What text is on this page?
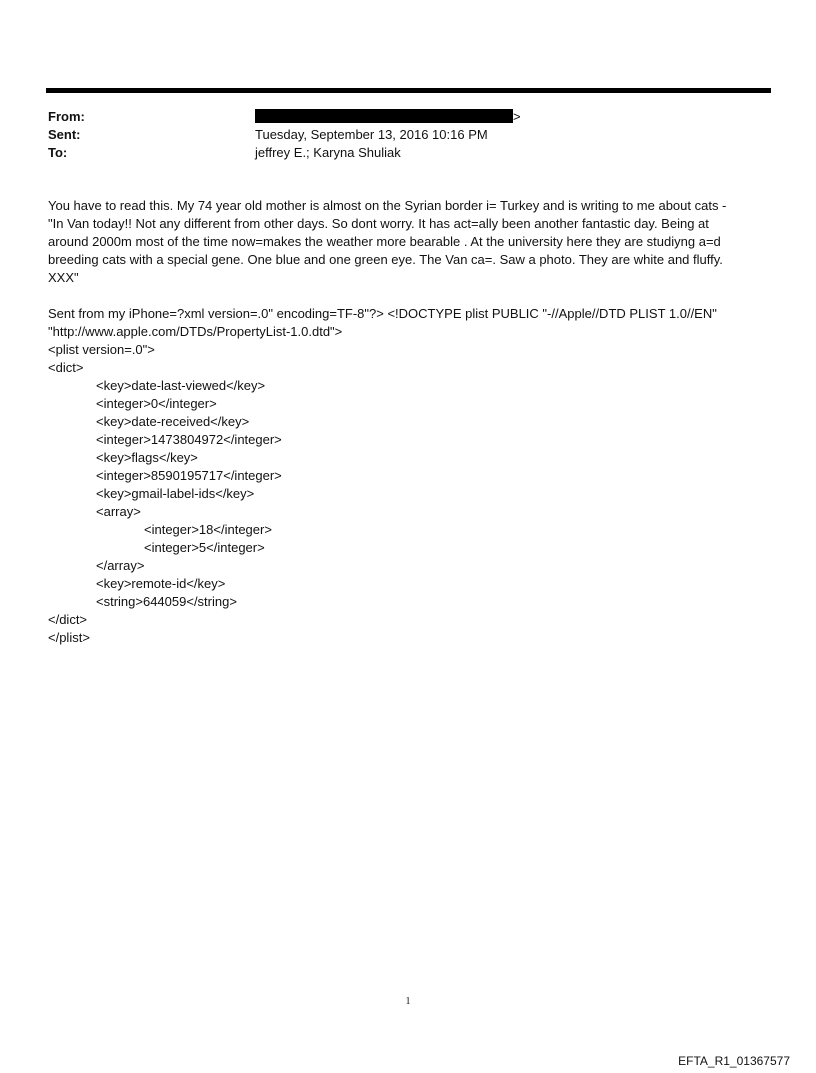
From:	>
Sent:	Tuesday, September 13, 2016 10:16 PM
To:	jeffrey E.; Karyna Shuliak
You have to read this. My 74 year old mother is almost on the Syrian border i= Turkey and is writing to me about cats -
"In Van today!! Not any different from other days. So dont worry. It has act=ally been another fantastic day. Being at
around 2000m most of the time now=makes the weather more bearable . At the university here they are studiyng a=d
breeding cats with a special gene. One blue and one green eye. The Van ca=. Saw a photo. They are white and fluffy.
XXX"
Sent from my iPhone=?xml version=.0" encoding=TF-8"?> <!DOCTYPE plist PUBLIC "-//Apple//DTD PLIST 1.0//EN"
"http://www.apple.com/DTDs/PropertyList-1.0.dtd">
<plist version=.0">
<dict>
<key>date-last-viewed</key>
<integer>0</integer>
<key>date-received</key>
<integer>1473804972</integer>
<key>flags</key>
<integer>8590195717</integer>
<key>gmail-label-ids</key>
<array>
<integer>18</integer>
<integer>5</integer>
</array>
<key>remote-id</key>
<string>644059</string>
</dict>
</plist>
1
EFTA_R1_01367577
